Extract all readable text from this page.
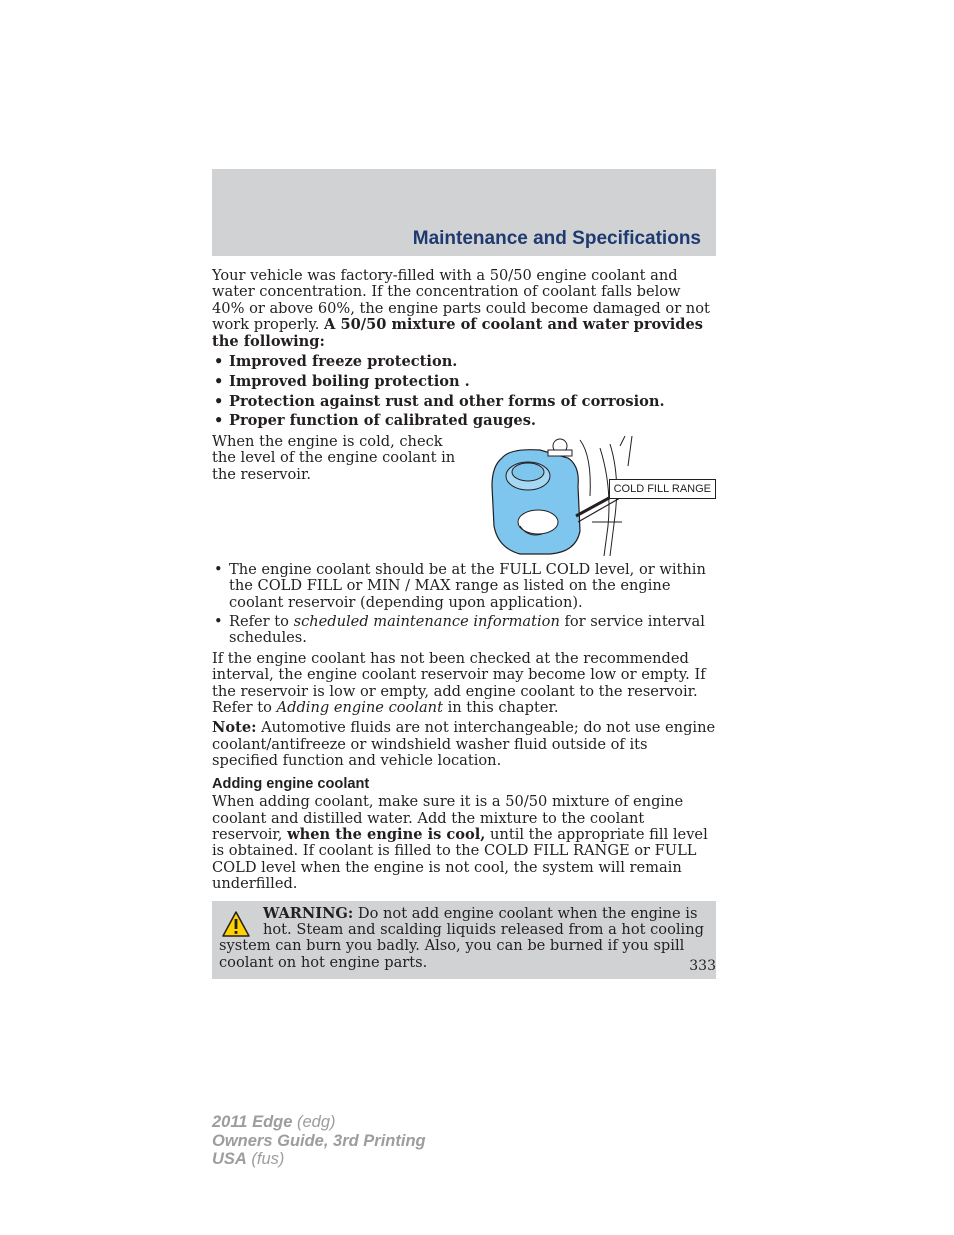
Maintenance and Specifications

Your vehicle was factory-filled with a 50/50 engine coolant and water concentration. If the concentration of coolant falls below 40% or above 60%, the engine parts could become damaged or not work properly. A 50/50 mixture of coolant and water provides the following:

• Improved freeze protection.
• Improved boiling protection .
• Protection against rust and other forms of corrosion.
• Proper function of calibrated gauges.
When the engine is cold, check the level of the engine coolant in the reservoir.
COLD FILL RANGE
• The engine coolant should be at the FULL COLD level, or within the COLD FILL or MIN / MAX range as listed on the engine coolant reservoir (depending upon application).
• Refer to scheduled maintenance information for service interval schedules.

If the engine coolant has not been checked at the recommended interval, the engine coolant reservoir may become low or empty. If the reservoir is low or empty, add engine coolant to the reservoir. Refer to Adding engine coolant in this chapter.

Note: Automotive fluids are not interchangeable; do not use engine coolant/antifreeze or windshield washer fluid outside of its specified function and vehicle location.

Adding engine coolant

When adding coolant, make sure it is a 50/50 mixture of engine coolant and distilled water. Add the mixture to the coolant reservoir, when the engine is cool, until the appropriate fill level is obtained. If coolant is filled to the COLD FILL RANGE or FULL COLD level when the engine is not cool, the system will remain underfilled.

WARNING: Do not add engine coolant when the engine is hot. Steam and scalding liquids released from a hot cooling system can burn you badly. Also, you can be burned if you spill coolant on hot engine parts.	333
2011 Edge (edg)
Owners Guide, 3rd Printing
USA (fus)
